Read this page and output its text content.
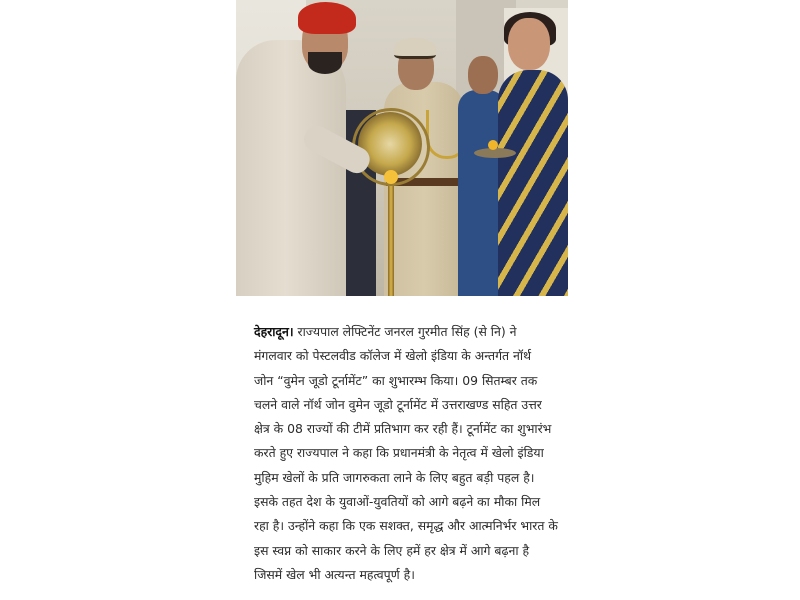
देहरादून। राज्यपाल लेफ्टिनेंट जनरल गुरमीत सिंह (से नि) ने
मंगलवार को पेस्टलवीड कॉलेज में खेलो इंडिया के अन्तर्गत नॉर्थ
जोन “वुमेन जूडो टूर्नामेंट” का शुभारम्भ किया। 09 सितम्बर तक
चलने वाले नॉर्थ जोन वुमेन जूडो टूर्नामेंट में उत्तराखण्ड सहित उत्तर
क्षेत्र के 08 राज्यों की टीमें प्रतिभाग कर रही हैं। टूर्नामेंट का शुभारंभ
करते हुए राज्यपाल ने कहा कि प्रधानमंत्री के नेतृत्व में खेलो इंडिया
मुहिम खेलों के प्रति जागरुकता लाने के लिए बहुत बड़ी पहल है।
इसके तहत देश के युवाओं-युवतियों को आगे बढ़ने का मौका मिल
रहा है। उन्होंने कहा कि एक सशक्त, समृद्ध और आत्मनिर्भर भारत के
इस स्वप्न को साकार करने के लिए हमें हर क्षेत्र में आगे बढ़ना है
जिसमें खेल भी अत्यन्त महत्वपूर्ण है।
